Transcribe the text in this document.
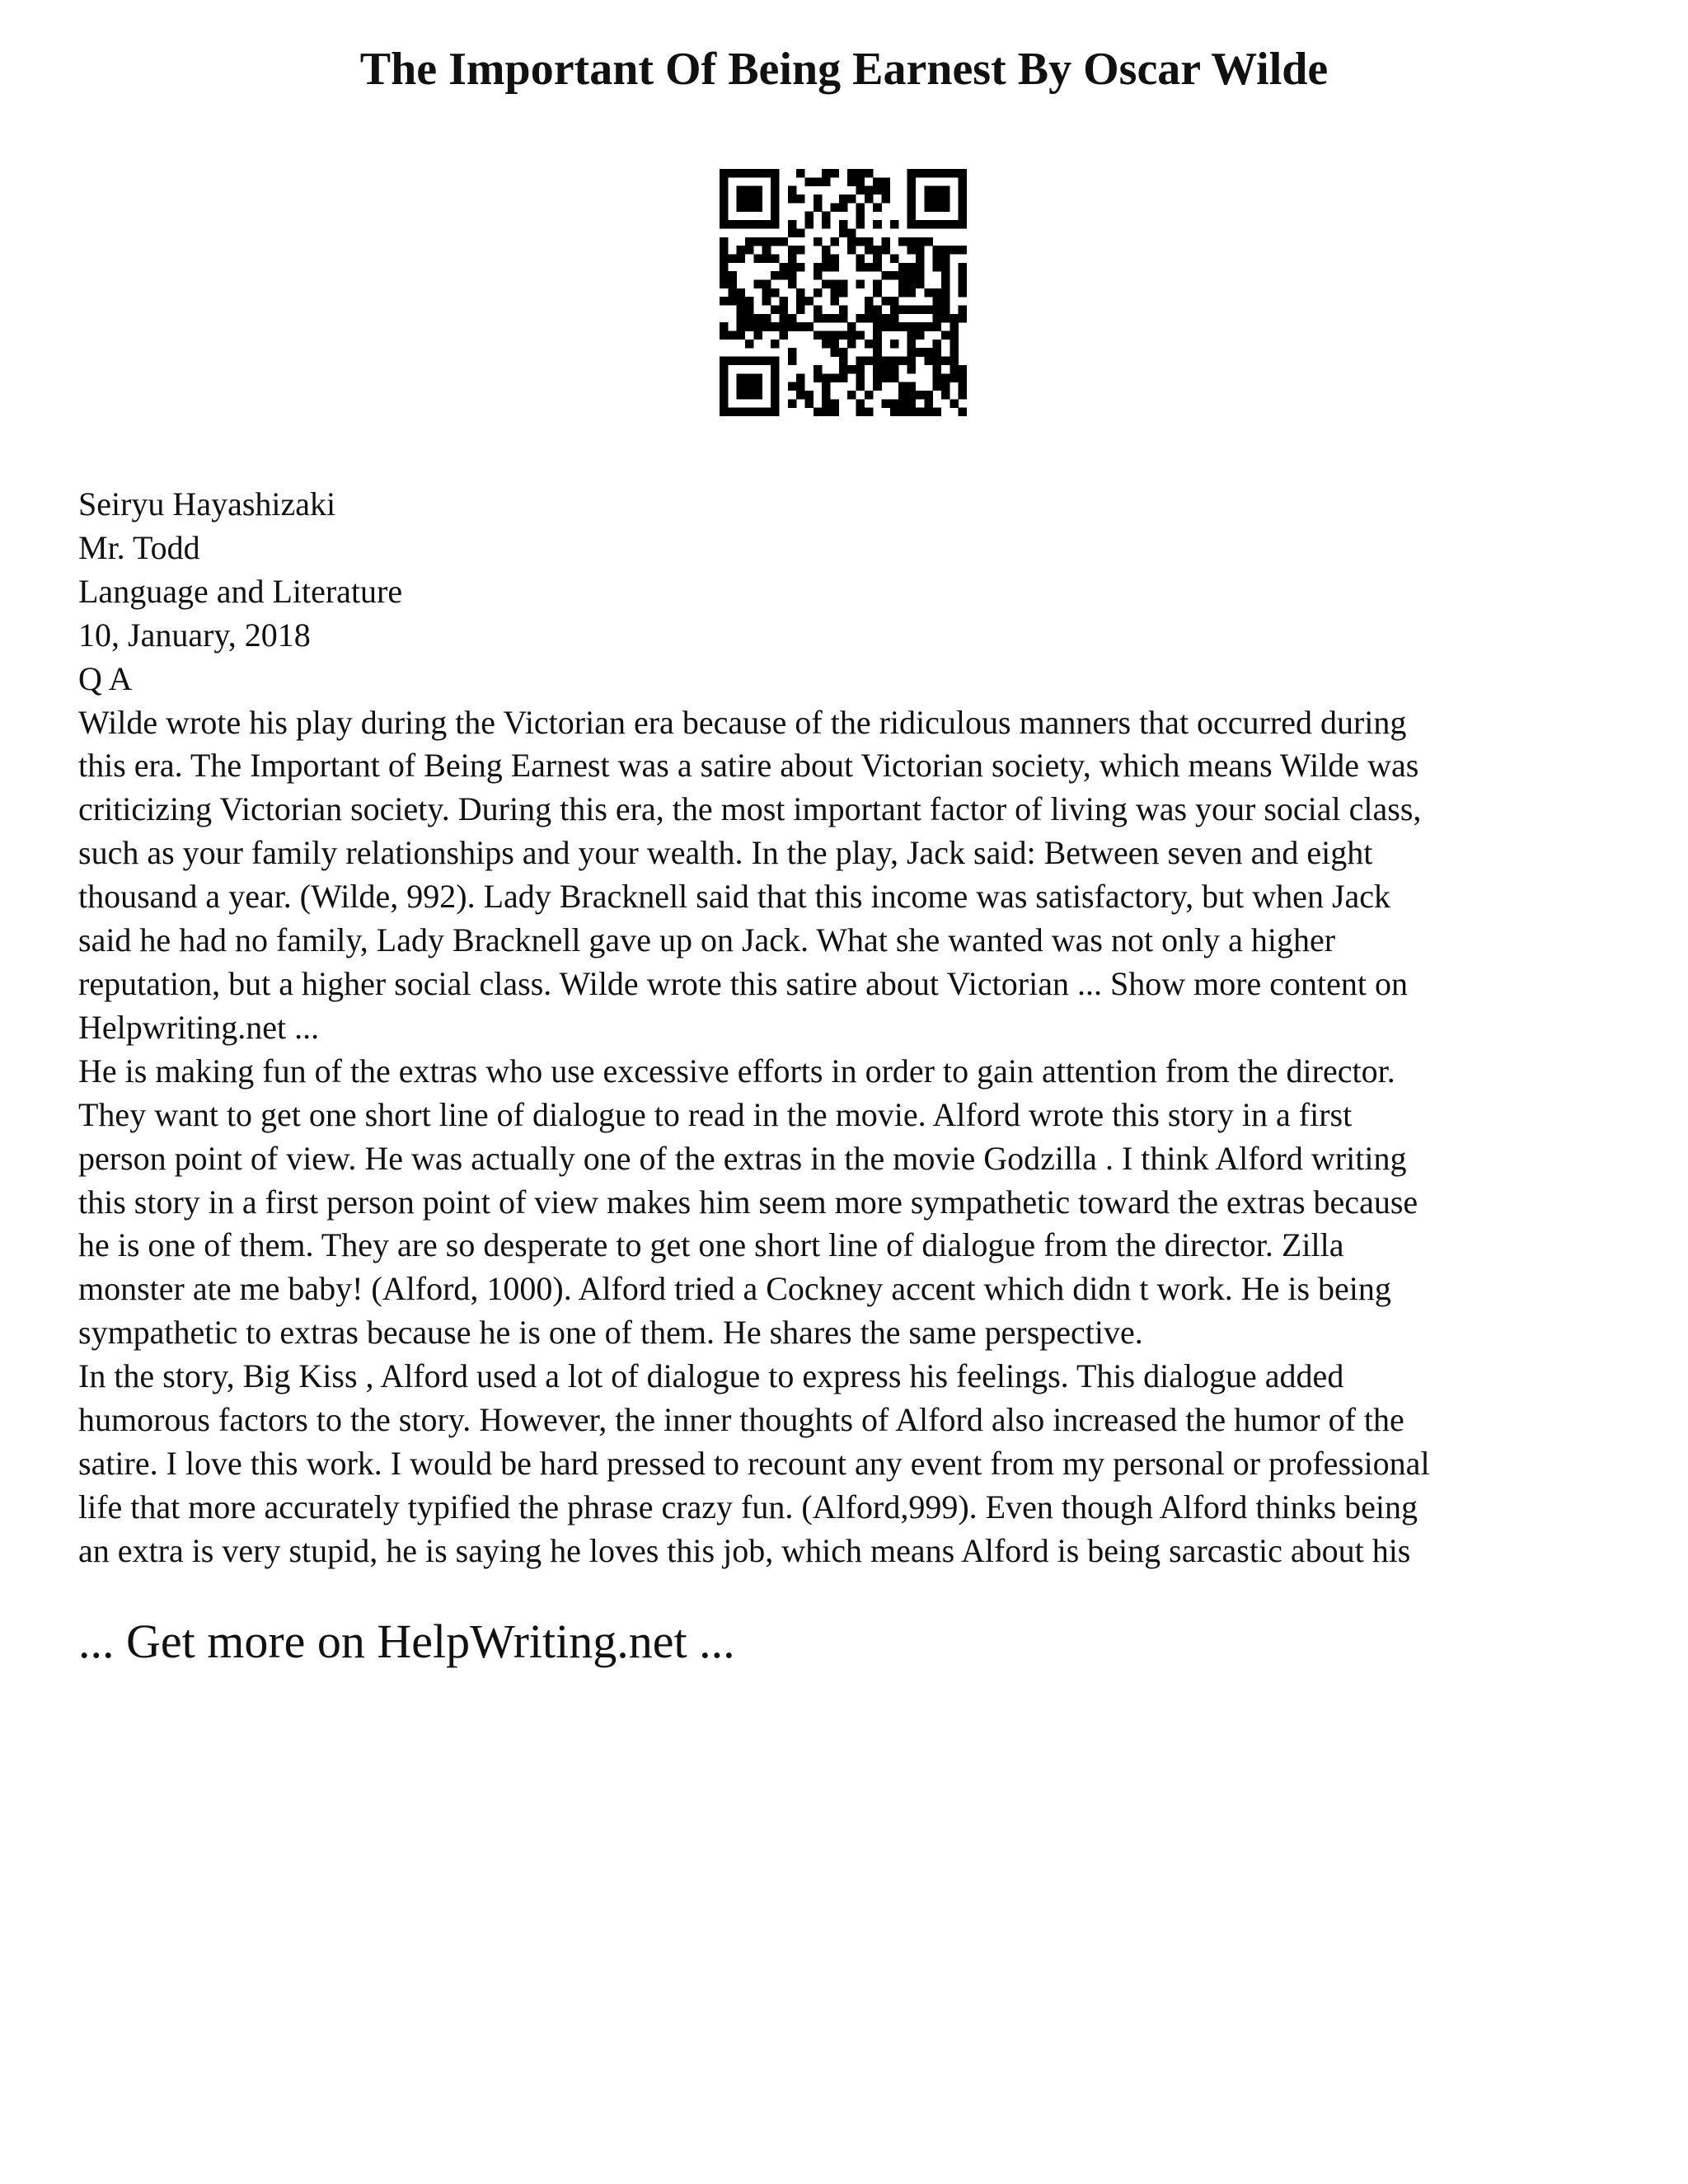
The Important Of Being Earnest By Oscar Wilde
Seiryu Hayashizaki
Mr. Todd
Language and Literature
10, January, 2018
Q A

Wilde wrote his play during the Victorian era because of the ridiculous manners that occurred during
this era. The Important of Being Earnest was a satire about Victorian society, which means Wilde was
criticizing Victorian society. During this era, the most important factor of living was your social class,
such as your family relationships and your wealth. In the play, Jack said: Between seven and eight
thousand a year. (Wilde, 992). Lady Bracknell said that this income was satisfactory, but when Jack
said he had no family, Lady Bracknell gave up on Jack. What she wanted was not only a higher
reputation, but a higher social class. Wilde wrote this satire about Victorian ... Show more content on
Helpwriting.net ...

He is making fun of the extras who use excessive efforts in order to gain attention from the director.
They want to get one short line of dialogue to read in the movie. Alford wrote this story in a first
person point of view. He was actually one of the extras in the movie Godzilla . I think Alford writing
this story in a first person point of view makes him seem more sympathetic toward the extras because
he is one of them. They are so desperate to get one short line of dialogue from the director. Zilla
monster ate me baby! (Alford, 1000). Alford tried a Cockney accent which didn t work. He is being
sympathetic to extras because he is one of them. He shares the same perspective.

In the story, Big Kiss , Alford used a lot of dialogue to express his feelings. This dialogue added
humorous factors to the story. However, the inner thoughts of Alford also increased the humor of the
satire. I love this work. I would be hard pressed to recount any event from my personal or professional
life that more accurately typified the phrase crazy fun. (Alford,999). Even though Alford thinks being
an extra is very stupid, he is saying he loves this job, which means Alford is being sarcastic about his

... Get more on HelpWriting.net ...
